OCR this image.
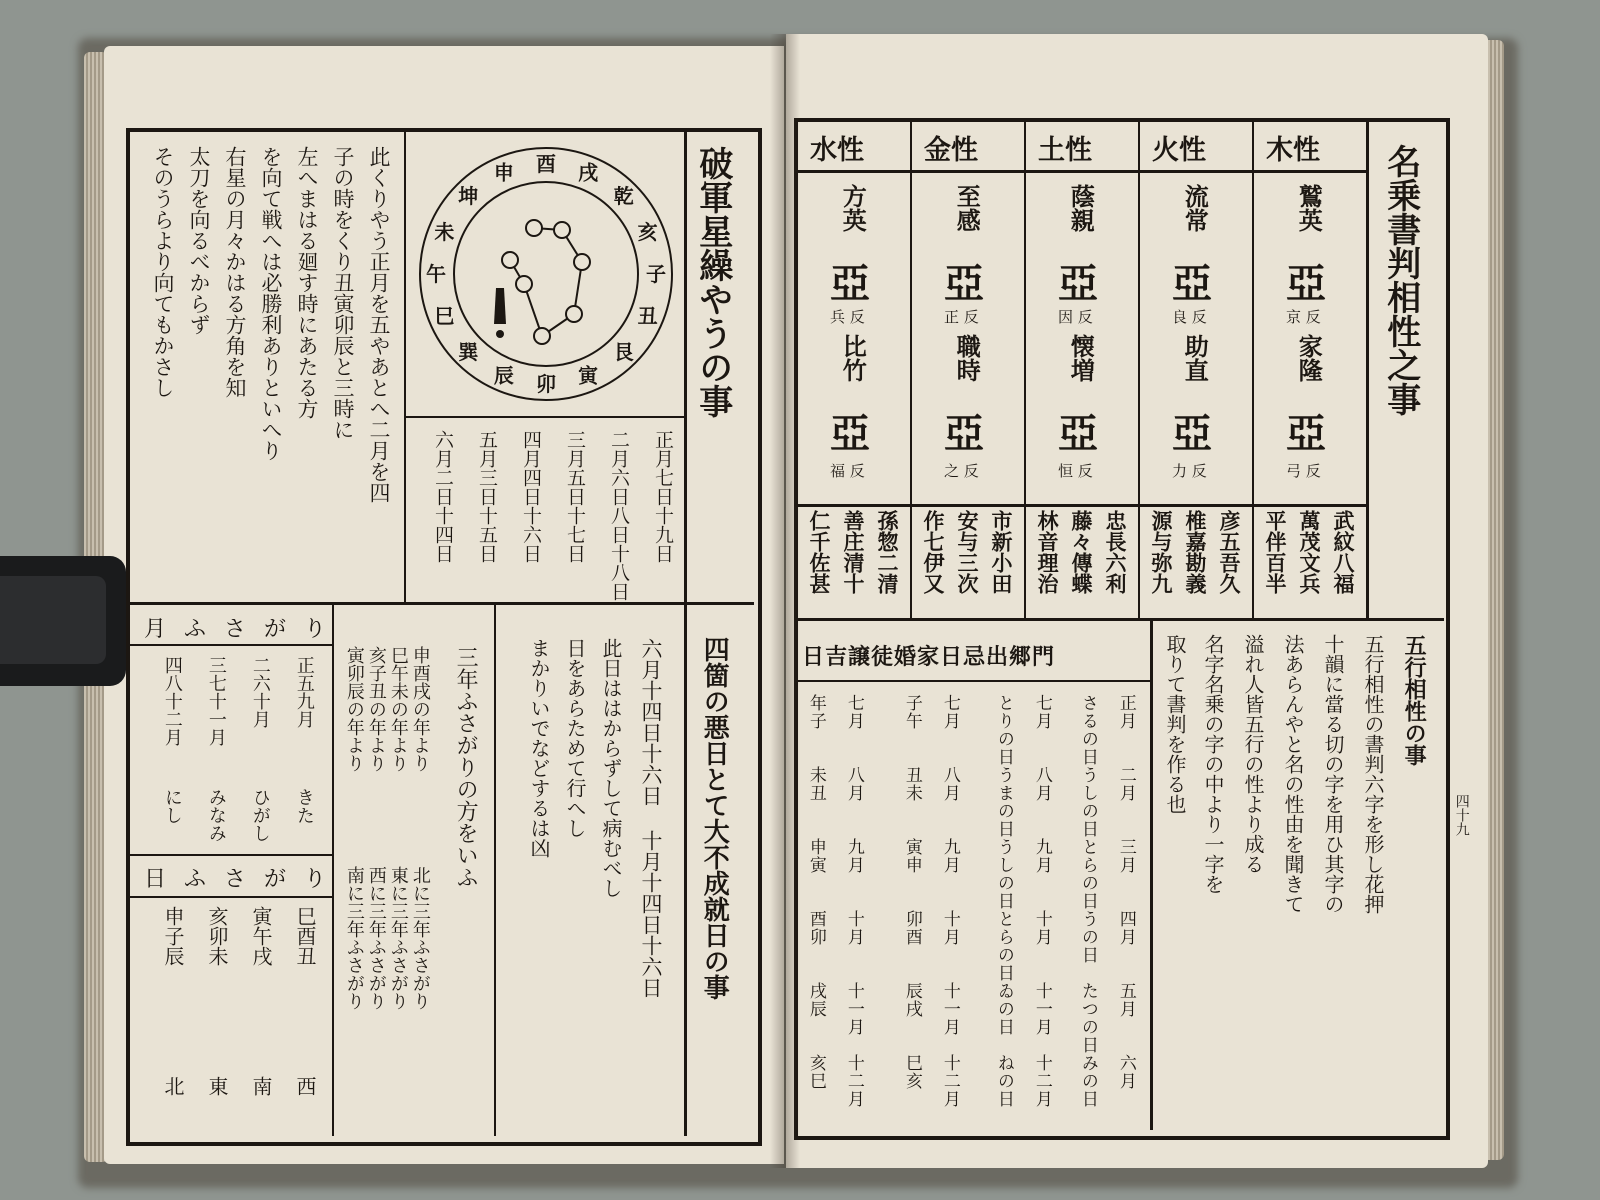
名乗書判相性之事
木性
火性
土性
金性
水性
鷲英
流常
蔭親
至感
方英
亞
亞
亞
亞
亞
京 反
良 反
因 反
正 反
兵 反
家隆
助直
懐増
職時
比竹
亞
亞
亞
亞
亞
弓 反
力 反
恒 反
之 反
福 反
武紋八福
萬茂文兵
平伴百半
彦五吾久
椎嘉勘義
源与弥九
忠長六利
藤々傳蝶
林音理治
市新小田
安与三次
作七伊又
孫惣二清
善庄清十
仁千佐甚
日吉譲徒婚家日忌出郷門
正月
二月
三月
四月
五月
六月
さるの日
うしの日
とらの日
うの日
たつの日
みの日
七月
八月
九月
十月
十一月
十二月
とりの日
うまの日
うしの日
とらの日
ゐの日
ねの日
七月
八月
九月
十月
十一月
十二月
子午
丑未
寅申
卯酉
辰戌
巳亥
七月
八月
九月
十月
十一月
十二月
年子
未丑
申寅
酉卯
戌辰
亥巳
五行相性の事
五行相性の書判六字を形し花押
十韻に當る切の字を用ひ其字の
法あらんやと名の性由を聞きて
溢れ人皆五行の性より成る
名字名乗の字の中より一字を
取りて書判を作る也
四十九
破軍星繰やうの事
四箇の悪日とて大不成就日の事
乾
亥
子
丑
艮
寅
卯
辰
巽
巳
午
未
坤
申 酉 戌
正月七日十九日
二月六日八日十八日
三月五日十七日
四月四日十六日
五月三日十五日
六月二日十四日
此くりやう正月を五やあとへ二月を四
子の時をくり丑寅卯辰と三時に
左へまはる廻す時にあたる方
を向て戦へは必勝利ありといへり
右星の月々かはる方角を知
太刀を向るべからず
そのうらより向てもかさし
六月十四日十六日 十月十四日十六日
此日ははからずして病むべし
日をあらためて行へし
まかりいでなどするは凶
三年ふさがりの方をいふ
申酉戌の年より
北に三年ふさがり
巳午未の年より
東に三年ふさがり
亥子丑の年より
西に三年ふさがり
寅卯辰の年より
南に三年ふさがり
月ふさがり
正五九月
きた
二六十月
ひがし
三七十一月
みなみ
四八十二月
にし
日ふさがり
巳酉丑
西
寅午戌
南
亥卯未
東
申子辰
北
